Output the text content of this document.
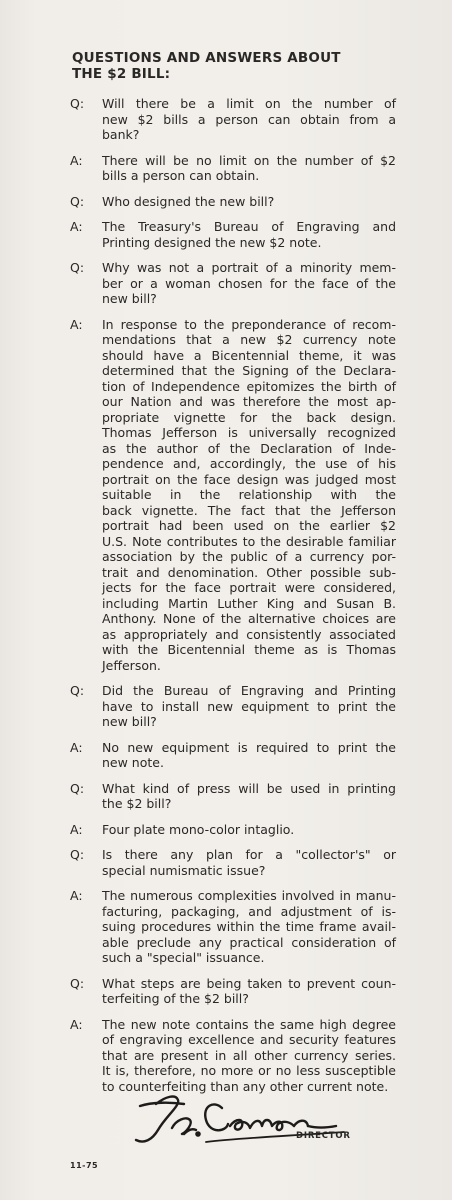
QUESTIONS AND ANSWERS ABOUT
THE $2 BILL:
Q:	Will there be a limit on the number of
new $2 bills a person can obtain from a
bank?
A:	There will be no limit on the number of $2
bills a person can obtain.
Q:	Who designed the new bill?
A:	The Treasury's Bureau of Engraving and
Printing designed the new $2 note.
Q:	Why was not a portrait of a minority mem-
ber or a woman chosen for the face of the
new bill?
A:	In response to the preponderance of recom-
mendations that a new $2 currency note
should have a Bicentennial theme, it was
determined that the Signing of the Declara-
tion of Independence epitomizes the birth of
our Nation and was therefore the most ap-
propriate vignette for the back design.
Thomas Jefferson is universally recognized
as the author of the Declaration of Inde-
pendence and, accordingly, the use of his
portrait on the face design was judged most
suitable in the relationship with the
back vignette. The fact that the Jefferson
portrait had been used on the earlier $2
U.S. Note contributes to the desirable familiar
association by the public of a currency por-
trait and denomination. Other possible sub-
jects for the face portrait were considered,
including Martin Luther King and Susan B.
Anthony. None of the alternative choices are
as appropriately and consistently associated
with the Bicentennial theme as is Thomas
Jefferson.
Q:	Did the Bureau of Engraving and Printing
have to install new equipment to print the
new bill?
A:	No new equipment is required to print the
new note.
Q:	What kind of press will be used in printing
the $2 bill?
A:	Four plate mono-color intaglio.
Q:	Is there any plan for a "collector's" or
special numismatic issue?
A:	The numerous complexities involved in manu-
facturing, packaging, and adjustment of is-
suing procedures within the time frame avail-
able preclude any practical consideration of
such a "special" issuance.
Q:	What steps are being taken to prevent coun-
terfeiting of the $2 bill?
A:	The new note contains the same high degree
of engraving excellence and security features
that are present in all other currency series.
It is, therefore, no more or no less susceptible
to counterfeiting than any other current note.
DIRECTOR
11-75
